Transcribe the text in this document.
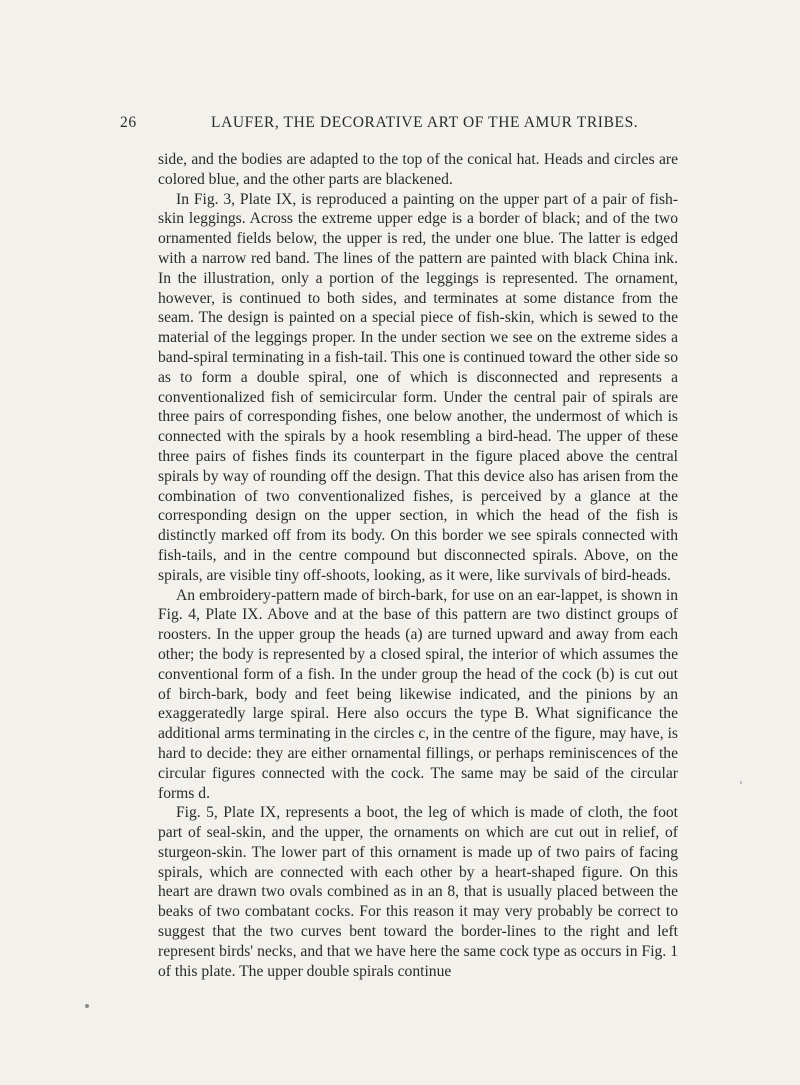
26	LAUFER, THE DECORATIVE ART OF THE AMUR TRIBES.

side, and the bodies are adapted to the top of the conical hat. Heads and circles are colored blue, and the other parts are blackened.

In Fig. 3, Plate IX, is reproduced a painting on the upper part of a pair of fish-skin leggings. Across the extreme upper edge is a border of black; and of the two ornamented fields below, the upper is red, the under one blue. The latter is edged with a narrow red band. The lines of the pattern are painted with black China ink. In the illustration, only a portion of the leggings is represented. The ornament, however, is continued to both sides, and terminates at some distance from the seam. The design is painted on a special piece of fish-skin, which is sewed to the material of the leggings proper. In the under section we see on the extreme sides a band-spiral terminating in a fish-tail. This one is continued toward the other side so as to form a double spiral, one of which is disconnected and represents a conventionalized fish of semicircular form. Under the central pair of spirals are three pairs of corresponding fishes, one below another, the undermost of which is connected with the spirals by a hook resembling a bird-head. The upper of these three pairs of fishes finds its counterpart in the figure placed above the central spirals by way of rounding off the design. That this device also has arisen from the combination of two conventionalized fishes, is perceived by a glance at the corresponding design on the upper section, in which the head of the fish is distinctly marked off from its body. On this border we see spirals connected with fish-tails, and in the centre compound but disconnected spirals. Above, on the spirals, are visible tiny off-shoots, looking, as it were, like survivals of bird-heads.

An embroidery-pattern made of birch-bark, for use on an ear-lappet, is shown in Fig. 4, Plate IX. Above and at the base of this pattern are two distinct groups of roosters. In the upper group the heads (a) are turned upward and away from each other; the body is represented by a closed spiral, the interior of which assumes the conventional form of a fish. In the under group the head of the cock (b) is cut out of birch-bark, body and feet being likewise indicated, and the pinions by an exaggeratedly large spiral. Here also occurs the type B. What significance the additional arms terminating in the circles c, in the centre of the figure, may have, is hard to decide: they are either ornamental fillings, or perhaps reminiscences of the circular figures connected with the cock. The same may be said of the circular forms d.

Fig. 5, Plate IX, represents a boot, the leg of which is made of cloth, the foot part of seal-skin, and the upper, the ornaments on which are cut out in relief, of sturgeon-skin. The lower part of this ornament is made up of two pairs of facing spirals, which are connected with each other by a heart-shaped figure. On this heart are drawn two ovals combined as in an 8, that is usually placed between the beaks of two combatant cocks. For this reason it may very probably be correct to suggest that the two curves bent toward the border-lines to the right and left represent birds' necks, and that we have here the same cock type as occurs in Fig. 1 of this plate. The upper double spirals continue
